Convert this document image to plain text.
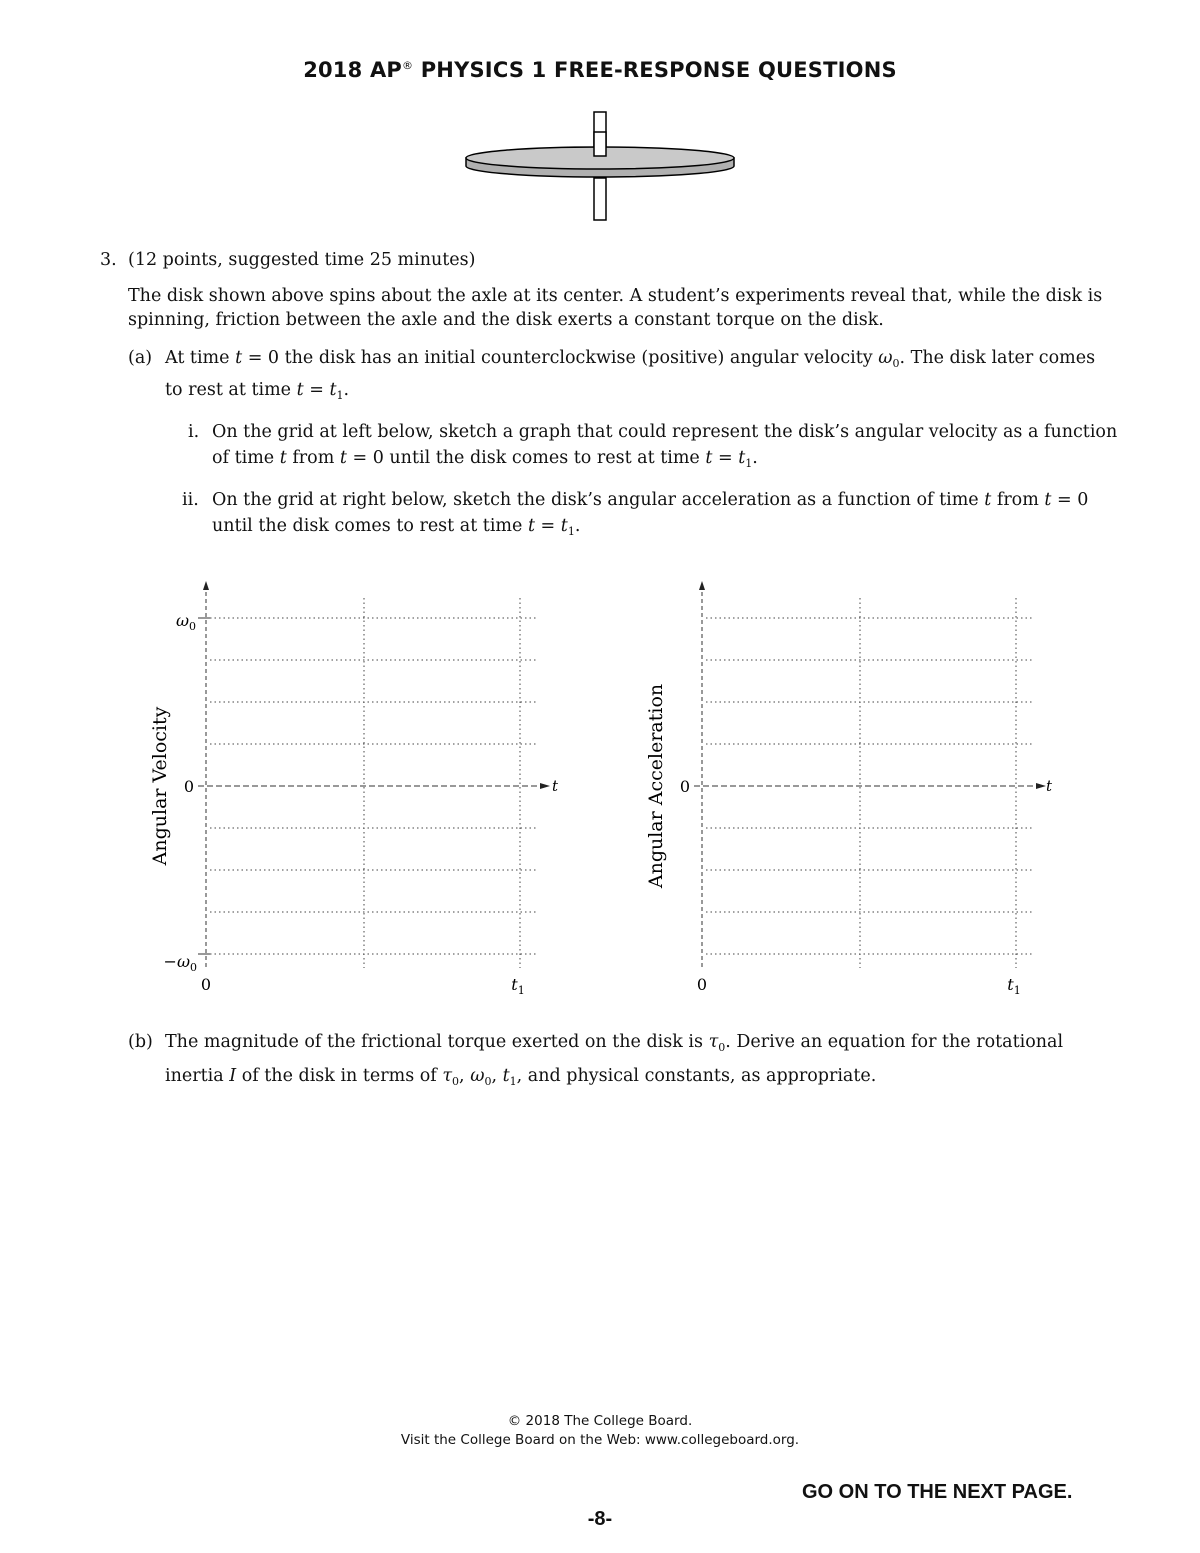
2018 AP® PHYSICS 1 FREE-RESPONSE QUESTIONS
3. (12 points, suggested time 25 minutes)
The disk shown above spins about the axle at its center. A student’s experiments reveal that, while the disk is
spinning, friction between the axle and the disk exerts a constant torque on the disk.
(a) At time t = 0 the disk has an initial counterclockwise (positive) angular velocity $\omega_0$. The disk later comes
to rest at time $t = t_1$.
i. On the grid at left below, sketch a graph that could represent the disk’s angular velocity as a function
of time t from t = 0 until the disk comes to rest at time $t = t_1$.
ii. On the grid at right below, sketch the disk’s angular acceleration as a function of time t from t = 0
until the disk comes to rest at time $t = t_1$.
Angular Velocity
$\omega_0$
0
$-\omega_0$
0	$t_1$
t	Angular Acceleration 0
0	$t_1$
t
(b) The magnitude of the frictional torque exerted on the disk is $\tau_0$. Derive an equation for the rotational
inertia I of the disk in terms of $\tau_0$, $\omega_0$, $t_1$, and physical constants, as appropriate.
© 2018 The College Board.
Visit the College Board on the Web: www.collegeboard.org.
GO ON TO THE NEXT PAGE.
-8-
